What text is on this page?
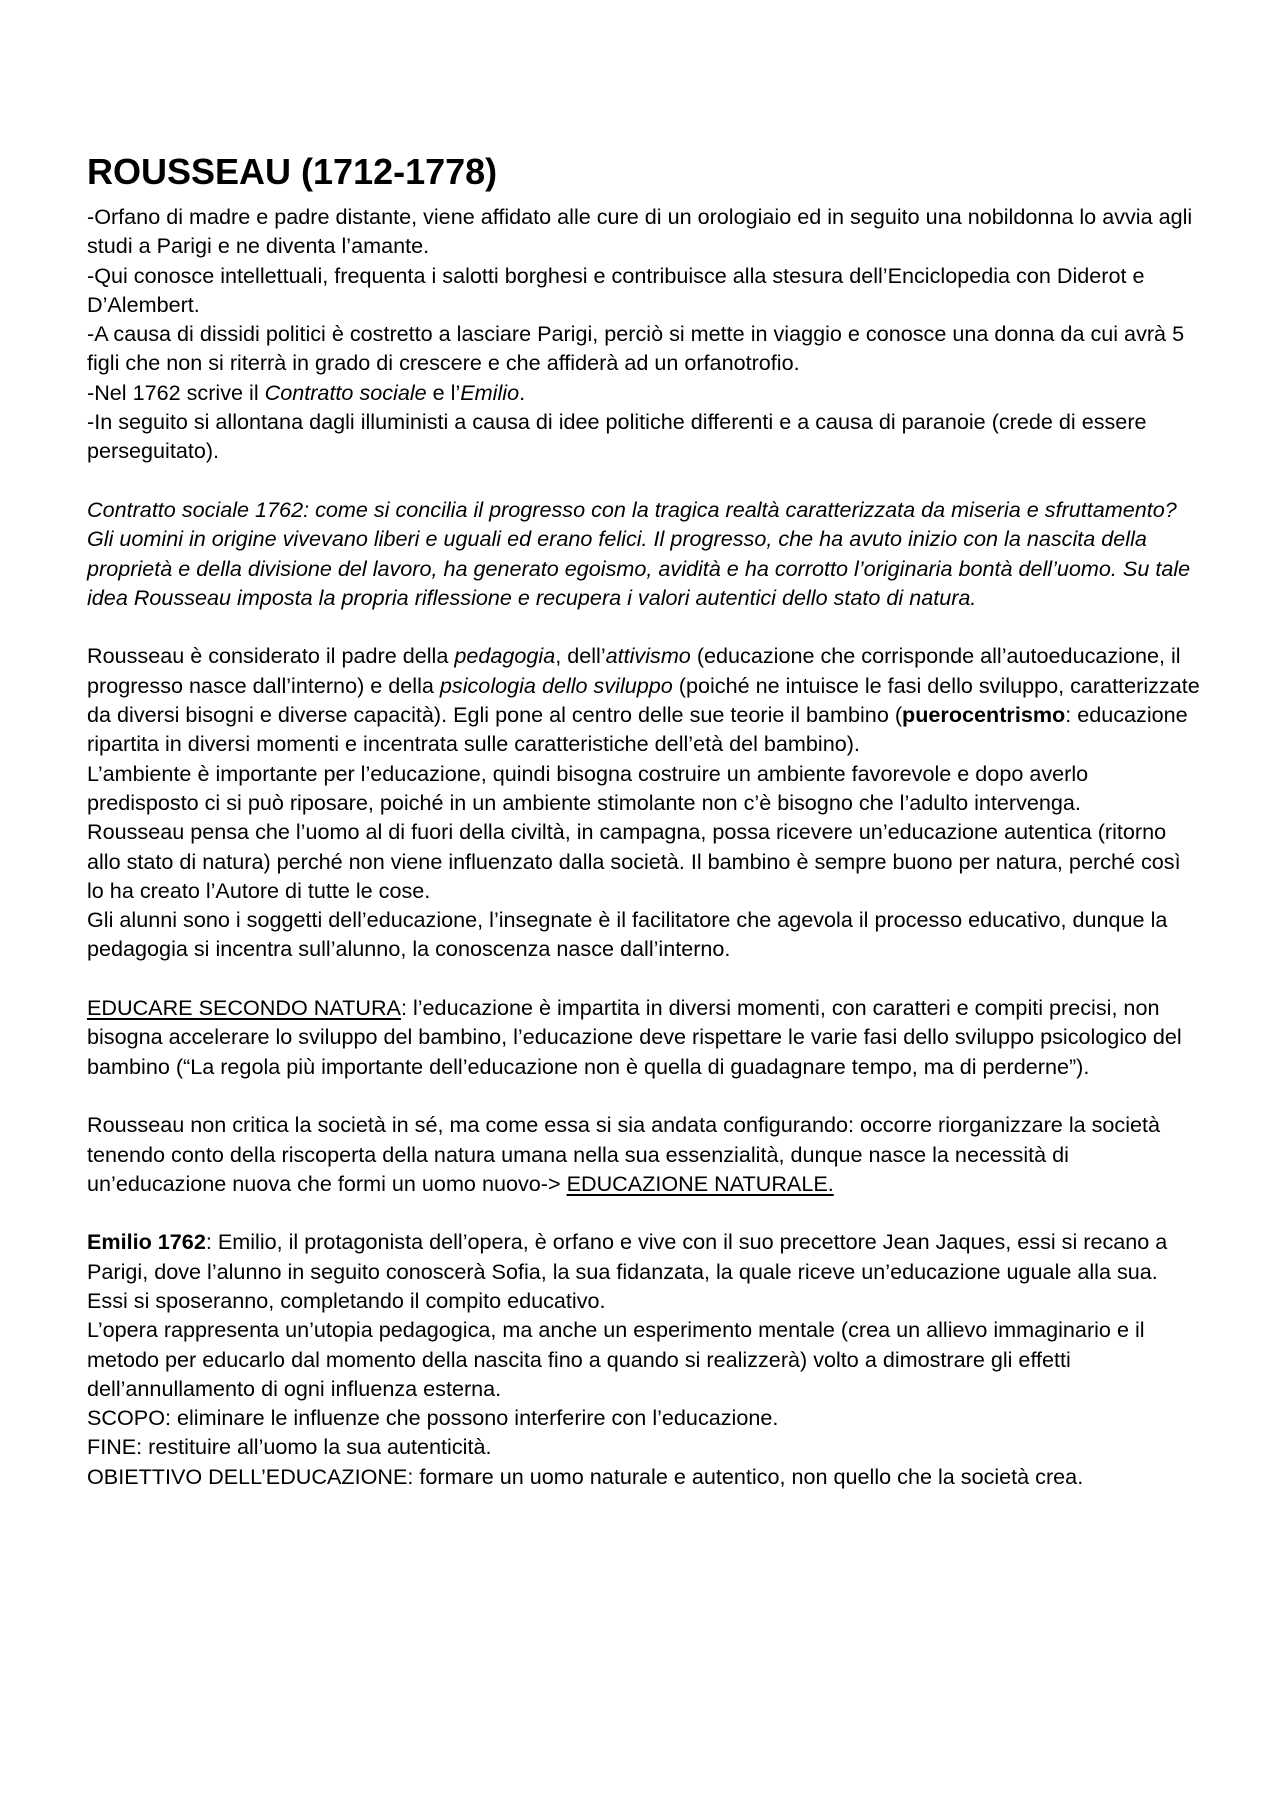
ROUSSEAU (1712-1778)

-Orfano di madre e padre distante, viene affidato alle cure di un orologiaio ed in seguito una nobildonna lo avvia agli studi a Parigi e ne diventa l’amante.

-Qui conosce intellettuali, frequenta i salotti borghesi e contribuisce alla stesura dell’Enciclopedia con Diderot e D’Alembert.

-A causa di dissidi politici è costretto a lasciare Parigi, perciò si mette in viaggio e conosce una donna da cui avrà 5 figli che non si riterrà in grado di crescere e che affiderà ad un orfanotrofio.

-Nel 1762 scrive il Contratto sociale e l’Emilio.

-In seguito si allontana dagli illuministi a causa di idee politiche differenti e a causa di paranoie (crede di essere perseguitato).

Contratto sociale 1762: come si concilia il progresso con la tragica realtà caratterizzata da miseria e sfruttamento? Gli uomini in origine vivevano liberi e uguali ed erano felici. Il progresso, che ha avuto inizio con la nascita della proprietà e della divisione del lavoro, ha generato egoismo, avidità e ha corrotto l’originaria bontà dell’uomo. Su tale idea Rousseau imposta la propria riflessione e recupera i valori autentici dello stato di natura.

Rousseau è considerato il padre della pedagogia, dell’attivismo (educazione che corrisponde all’autoeducazione, il progresso nasce dall’interno) e della psicologia dello sviluppo (poiché ne intuisce le fasi dello sviluppo, caratterizzate da diversi bisogni e diverse capacità). Egli pone al centro delle sue teorie il bambino (puerocentrismo: educazione ripartita in diversi momenti e incentrata sulle caratteristiche dell’età del bambino).

L’ambiente è importante per l’educazione, quindi bisogna costruire un ambiente favorevole e dopo averlo predisposto ci si può riposare, poiché in un ambiente stimolante non c’è bisogno che l’adulto intervenga.

Rousseau pensa che l’uomo al di fuori della civiltà, in campagna, possa ricevere un’educazione autentica (ritorno allo stato di natura) perché non viene influenzato dalla società. Il bambino è sempre buono per natura, perché così lo ha creato l’Autore di tutte le cose.

Gli alunni sono i soggetti dell’educazione, l’insegnate è il facilitatore che agevola il processo educativo, dunque la pedagogia si incentra sull’alunno, la conoscenza nasce dall’interno.

EDUCARE SECONDO NATURA: l’educazione è impartita in diversi momenti, con caratteri e compiti precisi, non bisogna accelerare lo sviluppo del bambino, l’educazione deve rispettare le varie fasi dello sviluppo psicologico del bambino (“La regola più importante dell’educazione non è quella di guadagnare tempo, ma di perderne”).

Rousseau non critica la società in sé, ma come essa si sia andata configurando: occorre riorganizzare la società tenendo conto della riscoperta della natura umana nella sua essenzialità, dunque nasce la necessità di un’educazione nuova che formi un uomo nuovo-> EDUCAZIONE NATURALE.

Emilio 1762: Emilio, il protagonista dell’opera, è orfano e vive con il suo precettore Jean Jaques, essi si recano a Parigi, dove l’alunno in seguito conoscerà Sofia, la sua fidanzata, la quale riceve un’educazione uguale alla sua. Essi si sposeranno, completando il compito educativo.

L’opera rappresenta un’utopia pedagogica, ma anche un esperimento mentale (crea un allievo immaginario e il metodo per educarlo dal momento della nascita fino a quando si realizzerà) volto a dimostrare gli effetti dell’annullamento di ogni influenza esterna.

SCOPO: eliminare le influenze che possono interferire con l’educazione.

FINE: restituire all’uomo la sua autenticità.

OBIETTIVO DELL’EDUCAZIONE: formare un uomo naturale e autentico, non quello che la società crea.
